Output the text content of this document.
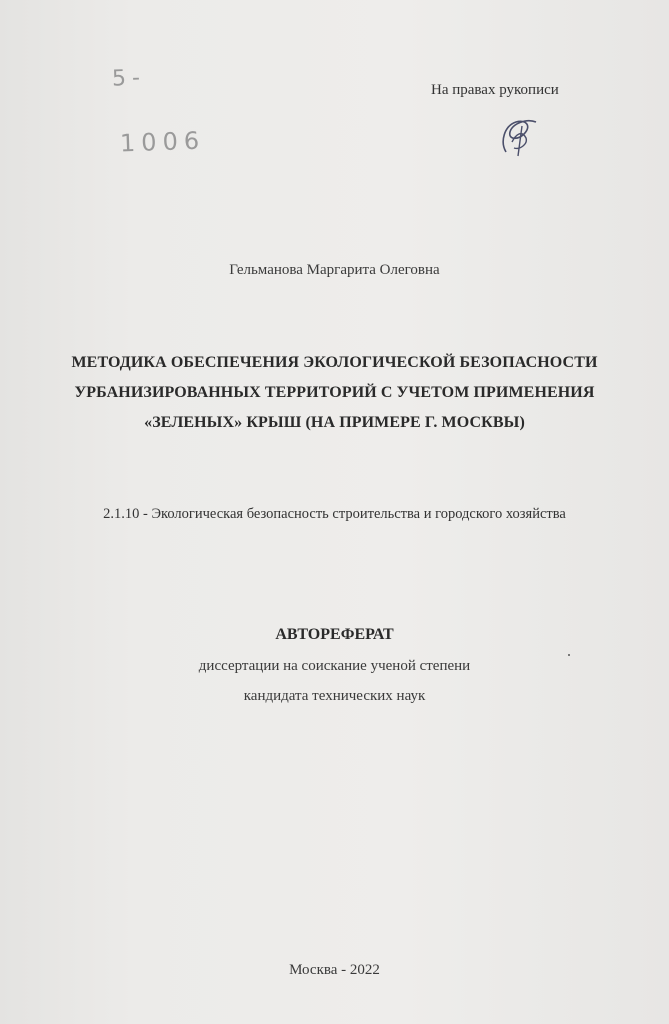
5-
1006
На правах рукописи
Гельманова Маргарита Олеговна
МЕТОДИКА ОБЕСПЕЧЕНИЯ ЭКОЛОГИЧЕСКОЙ БЕЗОПАСНОСТИ
УРБАНИЗИРОВАННЫХ ТЕРРИТОРИЙ С УЧЕТОМ ПРИМЕНЕНИЯ
«ЗЕЛЕНЫХ» КРЫШ (НА ПРИМЕРЕ Г. МОСКВЫ)
2.1.10 - Экологическая безопасность строительства и городского хозяйства
АВТОРЕФЕРАТ
диссертации на соискание ученой степени
кандидата технических наук
Москва - 2022
